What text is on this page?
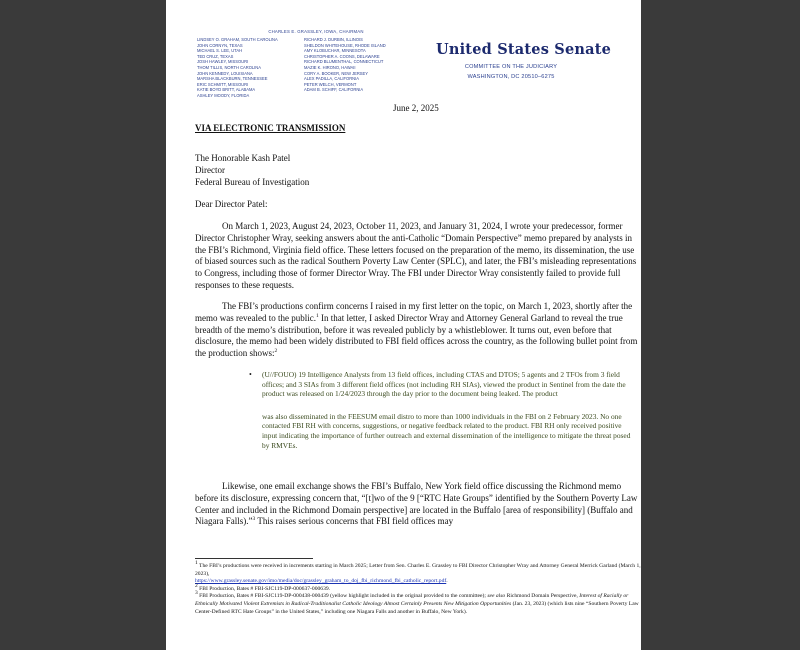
CHARLES E. GRASSLEY, IOWA, CHAIRMAN
LINDSEY O. GRAHAM, SOUTH CAROLINA
JOHN CORNYN, TEXAS
MICHAEL S. LEE, UTAH
TED CRUZ, TEXAS
JOSH HAWLEY, MISSOURI
THOM TILLIS, NORTH CAROLINA
JOHN KENNEDY, LOUISIANA
MARSHA BLACKBURN, TENNESSEE
ERIC SCHMITT, MISSOURI
KATIE BOYD BRITT, ALABAMA
ASHLEY MOODY, FLORIDA
RICHARD J. DURBIN, ILLINOIS
SHELDON WHITEHOUSE, RHODE ISLAND
AMY KLOBUCHAR, MINNESOTA
CHRISTOPHER A. COONS, DELAWARE
RICHARD BLUMENTHAL, CONNECTICUT
MAZIE K. HIRONO, HAWAII
CORY A. BOOKER, NEW JERSEY
ALEX PADILLA, CALIFORNIA
PETER WELCH, VERMONT
ADAM B. SCHIFF, CALIFORNIA
United States Senate
COMMITTEE ON THE JUDICIARY
WASHINGTON, DC 20510–6275
June 2, 2025
VIA ELECTRONIC TRANSMISSION
The Honorable Kash Patel
Director
Federal Bureau of Investigation
Dear Director Patel:

On March 1, 2023, August 24, 2023, October 11, 2023, and January 31, 2024, I wrote your predecessor, former Director Christopher Wray, seeking answers about the anti-Catholic “Domain Perspective” memo prepared by analysts in the FBI’s Richmond, Virginia field office. These letters focused on the preparation of the memo, its dissemination, the use of biased sources such as the radical Southern Poverty Law Center (SPLC), and later, the FBI’s misleading representations to Congress, including those of former Director Wray. The FBI under Director Wray consistently failed to provide full responses to these requests.

The FBI’s productions confirm concerns I raised in my first letter on the topic, on March 1, 2023, shortly after the memo was revealed to the public.$^1$ In that letter, I asked Director Wray and Attorney General Garland to reveal the true breadth of the memo’s distribution, before it was revealed publicly by a whistleblower. It turns out, even before that disclosure, the memo had been widely distributed to FBI field offices across the country, as the following bullet point from the production shows:$^2$

• (U//FOUO) 19 Intelligence Analysts from 13 field offices, including CTAS and DTOS; 5 agents and 2 TFOs from 3 field offices; and 3 SIAs from 3 different field offices (not including RH SIAs), viewed the product in Sentinel from the date the product was released on 1/24/2023 through the day prior to the document being leaked. The product

was also disseminated in the FEESUM email distro to more than 1000 individuals in the FBI on 2 February 2023. No one contacted FBI RH with concerns, suggestions, or negative feedback related to the product. FBI RH only received positive input indicating the importance of further outreach and external dissemination of the intelligence to mitigate the threat posed by RMVEs.

Likewise, one email exchange shows the FBI’s Buffalo, New York field office discussing the Richmond memo before its disclosure, expressing concern that, “[t]wo of the 9 [“RTC Hate Groups” identified by the Southern Poverty Law Center and included in the Richmond Domain perspective] are located in the Buffalo [area of responsibility] (Buffalo and Niagara Falls).”$^3$ This raises serious concerns that FBI field offices may

$^1$ The FBI’s productions were received in increments starting in March 2025; Letter from Sen. Charles E. Grassley to FBI Director Christopher Wray and Attorney General Merrick Garland (March 1, 2023),
https://www.grassley.senate.gov/imo/media/doc/grassley_graham_to_doj_fbi_richmond_fbi_catholic_report.pdf.

$^2$ FBI Production, Bates # FBI-SJC119-DP-000637-000639.

$^3$ FBI Production, Bates # FBI-SJC119-DP-000438-000439 (yellow highlight included in the original provided to the committee); see also Richmond Domain Perspective, Interest of Racially or Ethnically Motivated Violent Extremists in Radical-Traditionalist Catholic Ideology Almost Certainly Presents New Mitigation Opportunities (Jan. 23, 2023) (which lists nine “Southern Poverty Law Center-Defined RTC Hate Groups” in the United States,” including one Niagara Falls and another in Buffalo, New York).
